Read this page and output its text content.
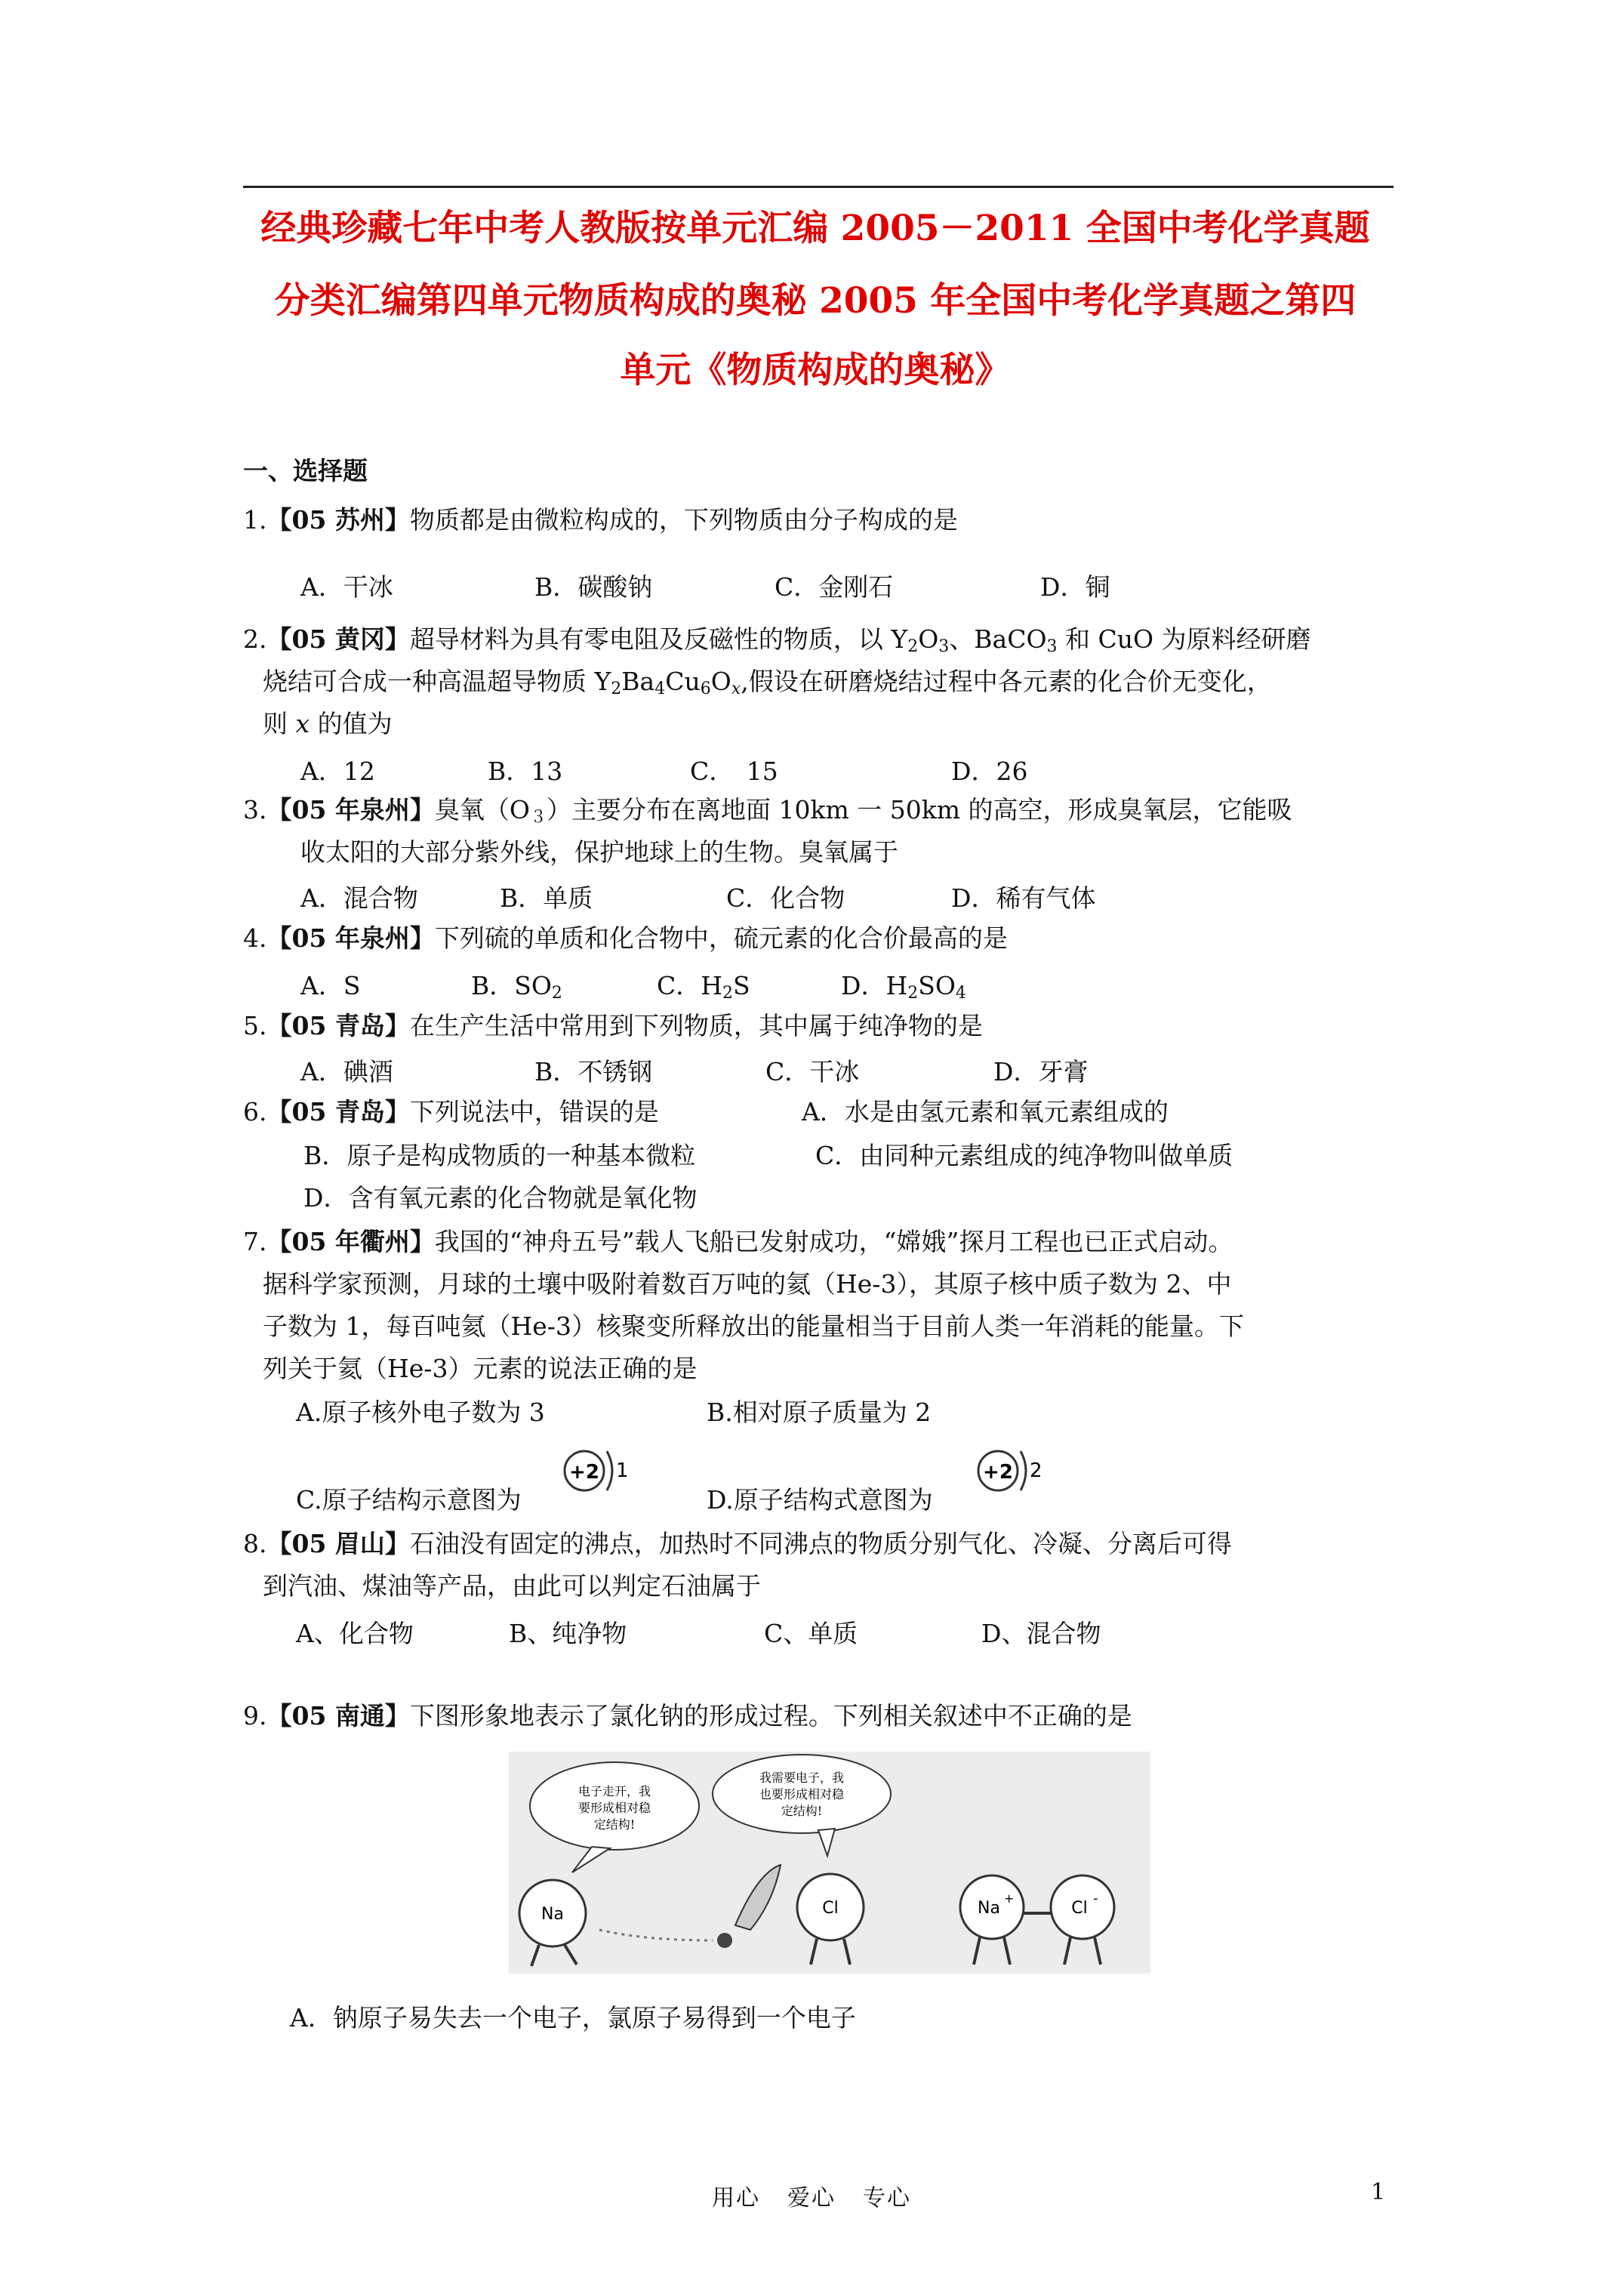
经典珍藏七年中考人教版按单元汇编 2005－2011 全国中考化学真题
分类汇编第四单元物质构成的奥秘 2005 年全国中考化学真题之第四
单元《物质构成的奥秘》
一、选择题
1.【05 苏州】物质都是由微粒构成的，下列物质由分子构成的是
A．干冰	B．碳酸钠	C．金刚石	D．铜
2.【05 黄冈】超导材料为具有零电阻及反磁性的物质，以 $Y_2O_3$、BaCO$_3$ 和 CuO 为原料经研磨
烧结可合成一种高温超导物质 $Y_2Ba_4Cu_6O_x$,假设在研磨烧结过程中各元素的化合价无变化，
则 x 的值为
A．12	B．13	C．　15	D．26
3.【05 年泉州】臭氧$(O_3)$主要分布在离地面 10km 一 50km 的高空，形成臭氧层，它能吸
收太阳的大部分紫外线，保护地球上的生物。臭氧属于
A．混合物	B．单质	C．化合物	D．稀有气体
4.【05 年泉州】下列硫的单质和化合物中，硫元素的化合价最高的是
A．S	B．$SO_2$	C．$H_2S$	D．$H_2SO_4$
5.【05 青岛】在生产生活中常用到下列物质，其中属于纯净物的是
A．碘酒	B．不锈钢	C．干冰	D．牙膏
6.【05 青岛】下列说法中，错误的是	A．水是由氢元素和氧元素组成的
B．原子是构成物质的一种基本微粒	C．由同种元素组成的纯净物叫做单质
D．含有氧元素的化合物就是氧化物
7.【05 年衢州】我国的“神舟五号”载人飞船已发射成功，“嫦娥”探月工程也已正式启动。
据科学家预测，月球的土壤中吸附着数百万吨的氦（He-3），其原子核中质子数为 2、中
子数为 1，每百吨氦（He-3）核聚变所释放出的能量相当于目前人类一年消耗的能量。下
列关于氦（He-3）元素的说法正确的是
A.原子核外电子数为 3	B.相对原子质量为 2
C.原子结构示意图为
+2 1
D.原子结构式意图为
+2 2
8.【05 眉山】石油没有固定的沸点，加热时不同沸点的物质分别气化、冷凝、分离后可得
到汽油、煤油等产品，由此可以判定石油属于
A、化合物	B、纯净物	C、单质	D、混合物
9.【05 南通】下图形象地表示了氯化钠的形成过程。下列相关叙述中不正确的是
电子走开，我
要形成相对稳
定结构!
我需要电子，我
也要形成相对稳
定结构!
Na	Cl	Na
+
Cl
-
A．钠原子易失去一个电子，氯原子易得到一个电子
用心 爱心 专心	1
